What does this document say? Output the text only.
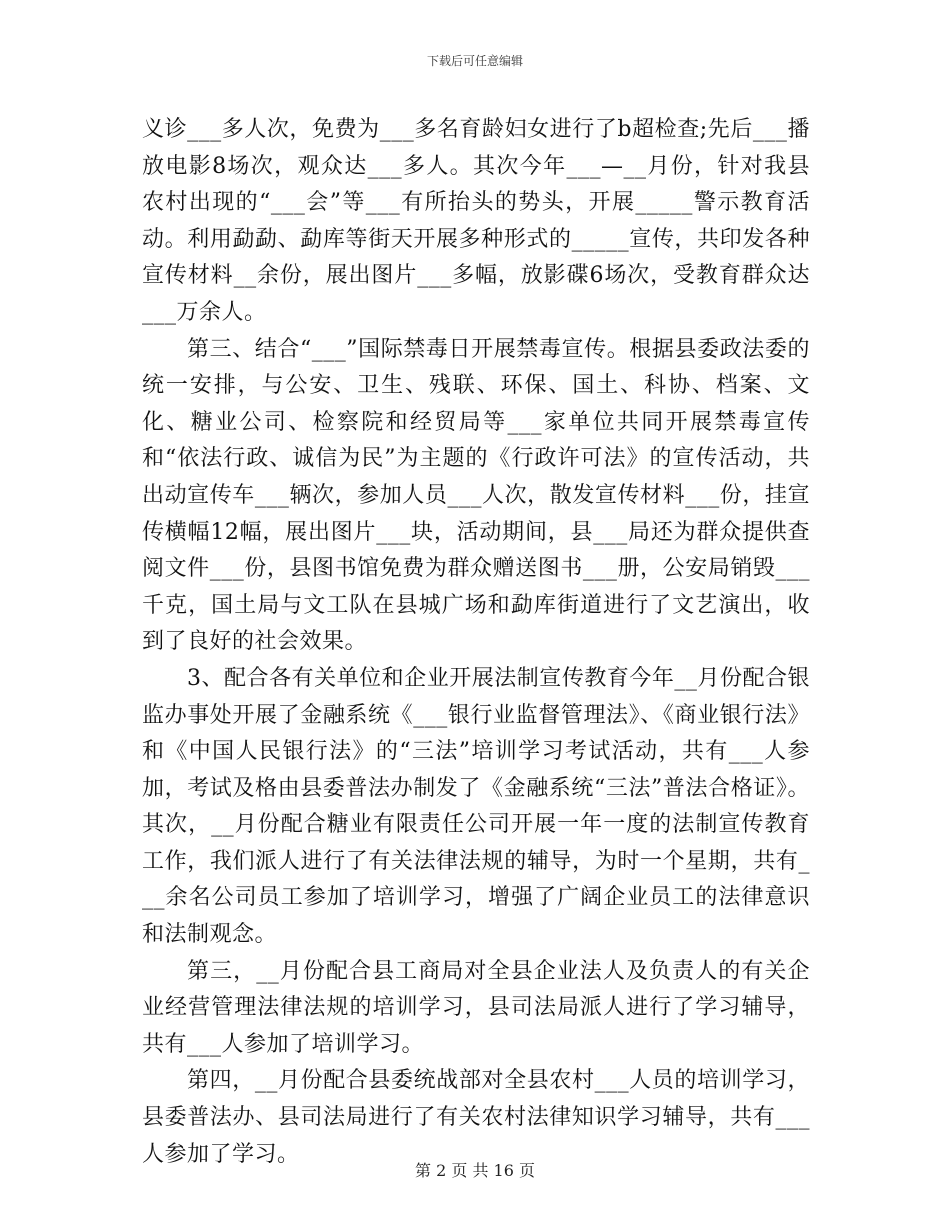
下载后可任意编辑

义诊___多人次，免费为___多名育龄妇女进行了b超检查;先后___播放电影8场次，观众达___多人。其次今年___—__月份，针对我县农村出现的“___会”等___有所抬头的势头，开展_____警示教育活动。利用勐勐、勐库等街天开展多种形式的_____宣传，共印发各种宣传材料__余份，展出图片___多幅，放影碟6场次，受教育群众达___万余人。

第三、结合“___”国际禁毒日开展禁毒宣传。根据县委政法委的统一安排，与公安、卫生、残联、环保、国土、科协、档案、文化、糖业公司、检察院和经贸局等___家单位共同开展禁毒宣传和“依法行政、诚信为民”为主题的《行政许可法》的宣传活动，共出动宣传车___辆次，参加人员___人次，散发宣传材料___份，挂宣传横幅12幅，展出图片___块，活动期间，县___局还为群众提供查阅文件___份，县图书馆免费为群众赠送图书___册，公安局销毁___千克，国土局与文工队在县城广场和勐库街道进行了文艺演出，收到了良好的社会效果。

3、配合各有关单位和企业开展法制宣传教育今年__月份配合银监办事处开展了金融系统《___银行业监督管理法》、《商业银行法》和《中国人民银行法》的“三法”培训学习考试活动，共有___人参加，考试及格由县委普法办制发了《金融系统“三法”普法合格证》。其次，__月份配合糖业有限责任公司开展一年一度的法制宣传教育工作，我们派人进行了有关法律法规的辅导，为时一个星期，共有___余名公司员工参加了培训学习，增强了广阔企业员工的法律意识和法制观念。

第三，__月份配合县工商局对全县企业法人及负责人的有关企业经营管理法律法规的培训学习，县司法局派人进行了学习辅导，共有___人参加了培训学习。

第四，__月份配合县委统战部对全县农村___人员的培训学习，县委普法办、县司法局进行了有关农村法律知识学习辅导，共有___人参加了学习。

第 2 页 共 16 页
